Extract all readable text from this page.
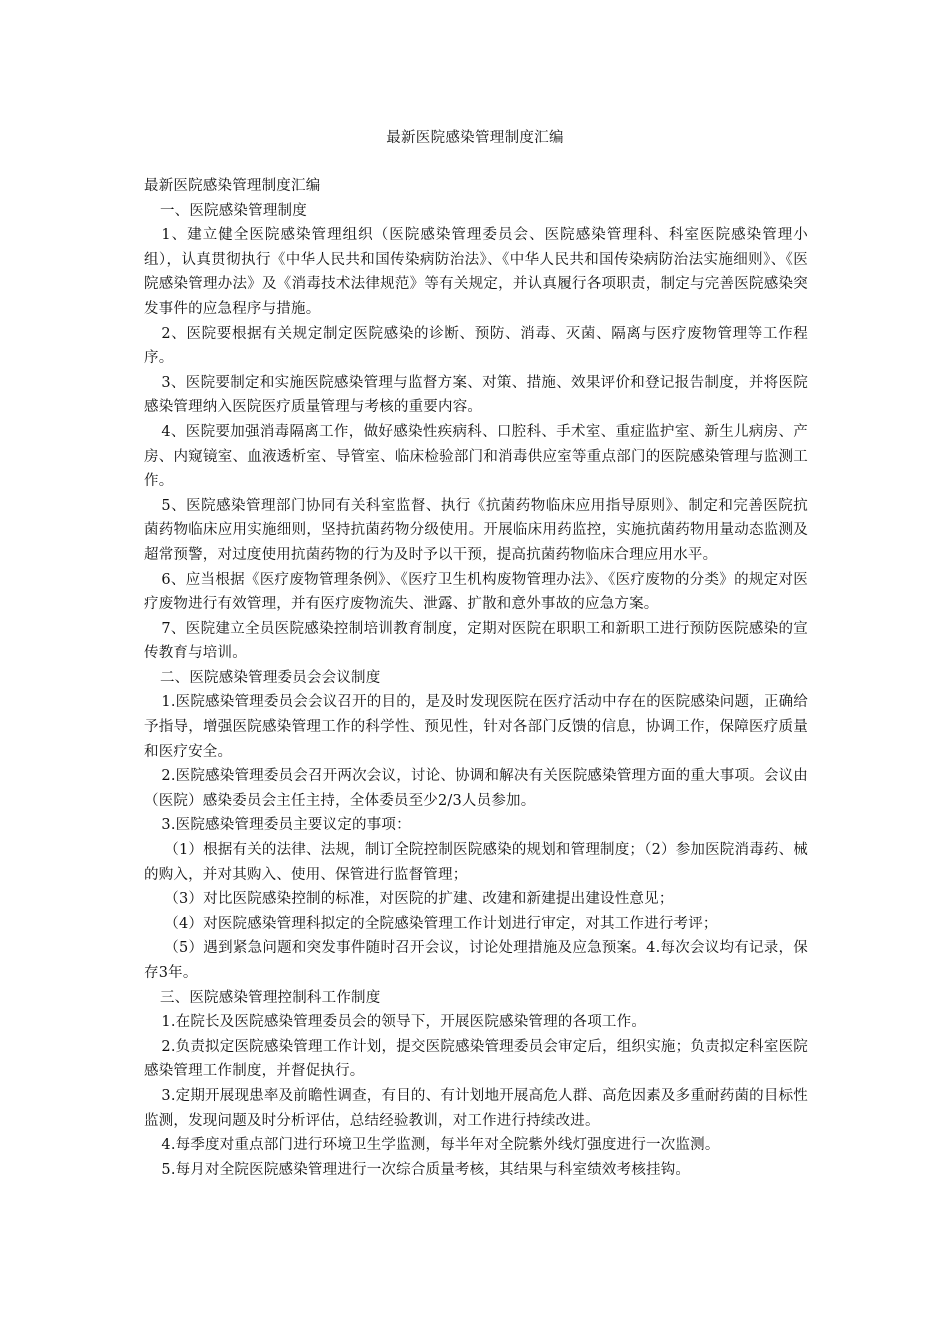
最新医院感染管理制度汇编

最新医院感染管理制度汇编

一、医院感染管理制度

1、建立健全医院感染管理组织（医院感染管理委员会、医院感染管理科、科室医院感染管理小组），认真贯彻执行《中华人民共和国传染病防治法》、《中华人民共和国传染病防治法实施细则》、《医院感染管理办法》及《消毒技术法律规范》等有关规定，并认真履行各项职责，制定与完善医院感染突发事件的应急程序与措施。

2、医院要根据有关规定制定医院感染的诊断、预防、消毒、灭菌、隔离与医疗废物管理等工作程序。

3、医院要制定和实施医院感染管理与监督方案、对策、措施、效果评价和登记报告制度，并将医院感染管理纳入医院医疗质量管理与考核的重要内容。

4、医院要加强消毒隔离工作，做好感染性疾病科、口腔科、手术室、重症监护室、新生儿病房、产房、内窥镜室、血液透析室、导管室、临床检验部门和消毒供应室等重点部门的医院感染管理与监测工作。

5、医院感染管理部门协同有关科室监督、执行《抗菌药物临床应用指导原则》、制定和完善医院抗菌药物临床应用实施细则，坚持抗菌药物分级使用。开展临床用药监控，实施抗菌药物用量动态监测及超常预警，对过度使用抗菌药物的行为及时予以干预，提高抗菌药物临床合理应用水平。

6、应当根据《医疗废物管理条例》、《医疗卫生机构废物管理办法》、《医疗废物的分类》的规定对医疗废物进行有效管理，并有医疗废物流失、泄露、扩散和意外事故的应急方案。

7、医院建立全员医院感染控制培训教育制度，定期对医院在职职工和新职工进行预防医院感染的宣传教育与培训。

二、医院感染管理委员会会议制度

1.医院感染管理委员会会议召开的目的，是及时发现医院在医疗活动中存在的医院感染问题，正确给予指导，增强医院感染管理工作的科学性、预见性，针对各部门反馈的信息，协调工作，保障医疗质量和医疗安全。

2.医院感染管理委员会召开两次会议，讨论、协调和解决有关医院感染管理方面的重大事项。会议由（医院）感染委员会主任主持，全体委员至少2/3人员参加。

3.医院感染管理委员主要议定的事项：

（1）根据有关的法律、法规，制订全院控制医院感染的规划和管理制度；（2）参加医院消毒药、械的购入，并对其购入、使用、保管进行监督管理；

（3）对比医院感染控制的标准，对医院的扩建、改建和新建提出建设性意见；

（4）对医院感染管理科拟定的全院感染管理工作计划进行审定，对其工作进行考评；

（5）遇到紧急问题和突发事件随时召开会议，讨论处理措施及应急预案。4.每次会议均有记录，保存3年。

三、医院感染管理控制科工作制度

1.在院长及医院感染管理委员会的领导下，开展医院感染管理的各项工作。

2.负责拟定医院感染管理工作计划，提交医院感染管理委员会审定后，组织实施；负责拟定科室医院感染管理工作制度，并督促执行。

3.定期开展现患率及前瞻性调查，有目的、有计划地开展高危人群、高危因素及多重耐药菌的目标性监测，发现问题及时分析评估，总结经验教训，对工作进行持续改进。

4.每季度对重点部门进行环境卫生学监测，每半年对全院紫外线灯强度进行一次监测。

5.每月对全院医院感染管理进行一次综合质量考核，其结果与科室绩效考核挂钩。
